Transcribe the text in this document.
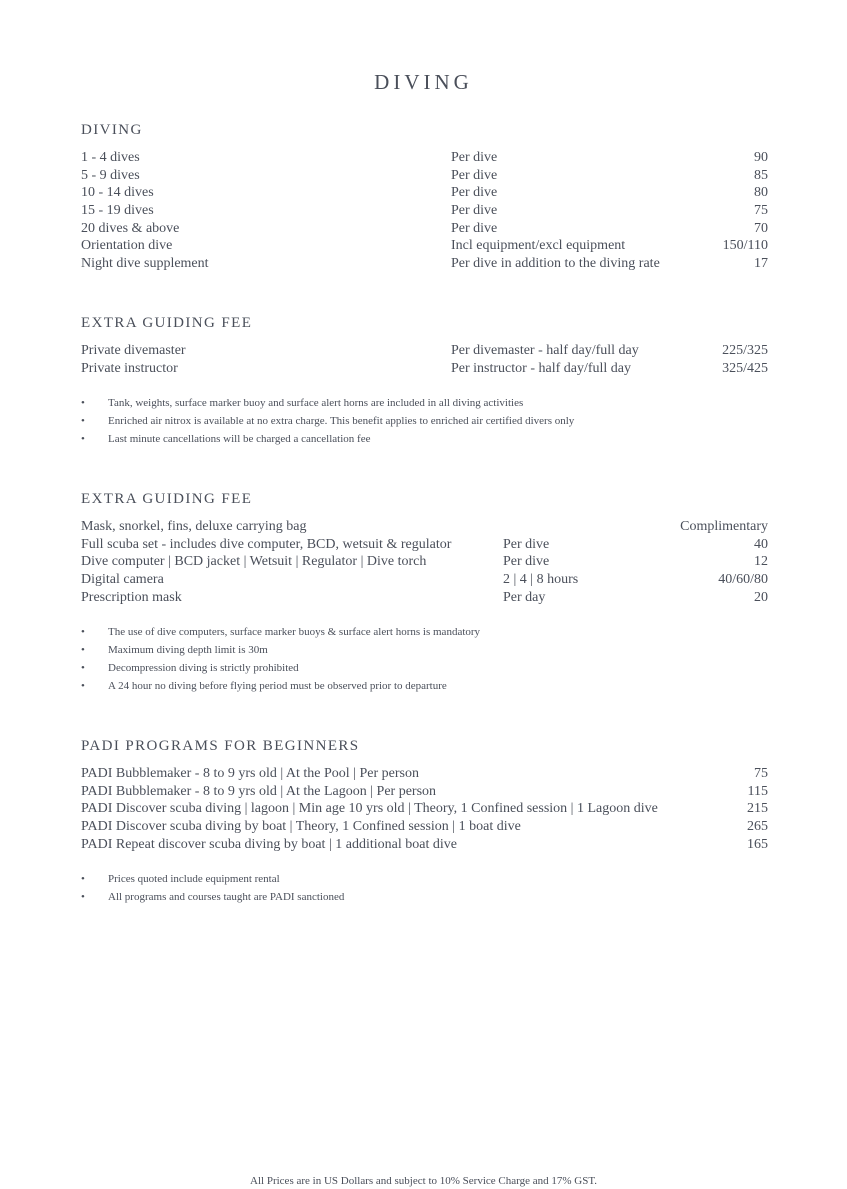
DIVING
DIVING
1 - 4 dives	Per dive	90
5 - 9 dives	Per dive	85
10 - 14 dives	Per dive	80
15 - 19 dives	Per dive	75
20 dives & above	Per dive	70
Orientation dive	Incl equipment/excl equipment	150/110
Night dive supplement	Per dive in addition to the diving rate	17
EXTRA GUIDING FEE
Private divemaster	Per divemaster - half day/full day	225/325
Private instructor	Per instructor - half day/full day	325/425
• Tank, weights, surface marker buoy and surface alert horns are included in all diving activities
• Enriched air nitrox is available at no extra charge. This benefit applies to enriched air certified divers only
• Last minute cancellations will be charged a cancellation fee
EXTRA GUIDING FEE
Mask, snorkel, fins, deluxe carrying bag	Complimentary
Full scuba set - includes dive computer, BCD, wetsuit & regulator	Per dive	40
Dive computer | BCD jacket | Wetsuit | Regulator | Dive torch	Per dive	12
Digital camera	2 | 4 | 8 hours	40/60/80
Prescription mask	Per day	20
• The use of dive computers, surface marker buoys & surface alert horns is mandatory
• Maximum diving depth limit is 30m
• Decompression diving is strictly prohibited
• A 24 hour no diving before flying period must be observed prior to departure
PADI PROGRAMS FOR BEGINNERS
PADI Bubblemaker - 8 to 9 yrs old | At the Pool | Per person	75
PADI Bubblemaker - 8 to 9 yrs old | At the Lagoon | Per person	115
PADI Discover scuba diving | lagoon | Min age 10 yrs old | Theory, 1 Confined session | 1 Lagoon dive	215
PADI Discover scuba diving by boat | Theory, 1 Confined session | 1 boat dive	265
PADI Repeat discover scuba diving by boat | 1 additional boat dive	165
• Prices quoted include equipment rental
• All programs and courses taught are PADI sanctioned
All Prices are in US Dollars and subject to 10% Service Charge and 17% GST.
